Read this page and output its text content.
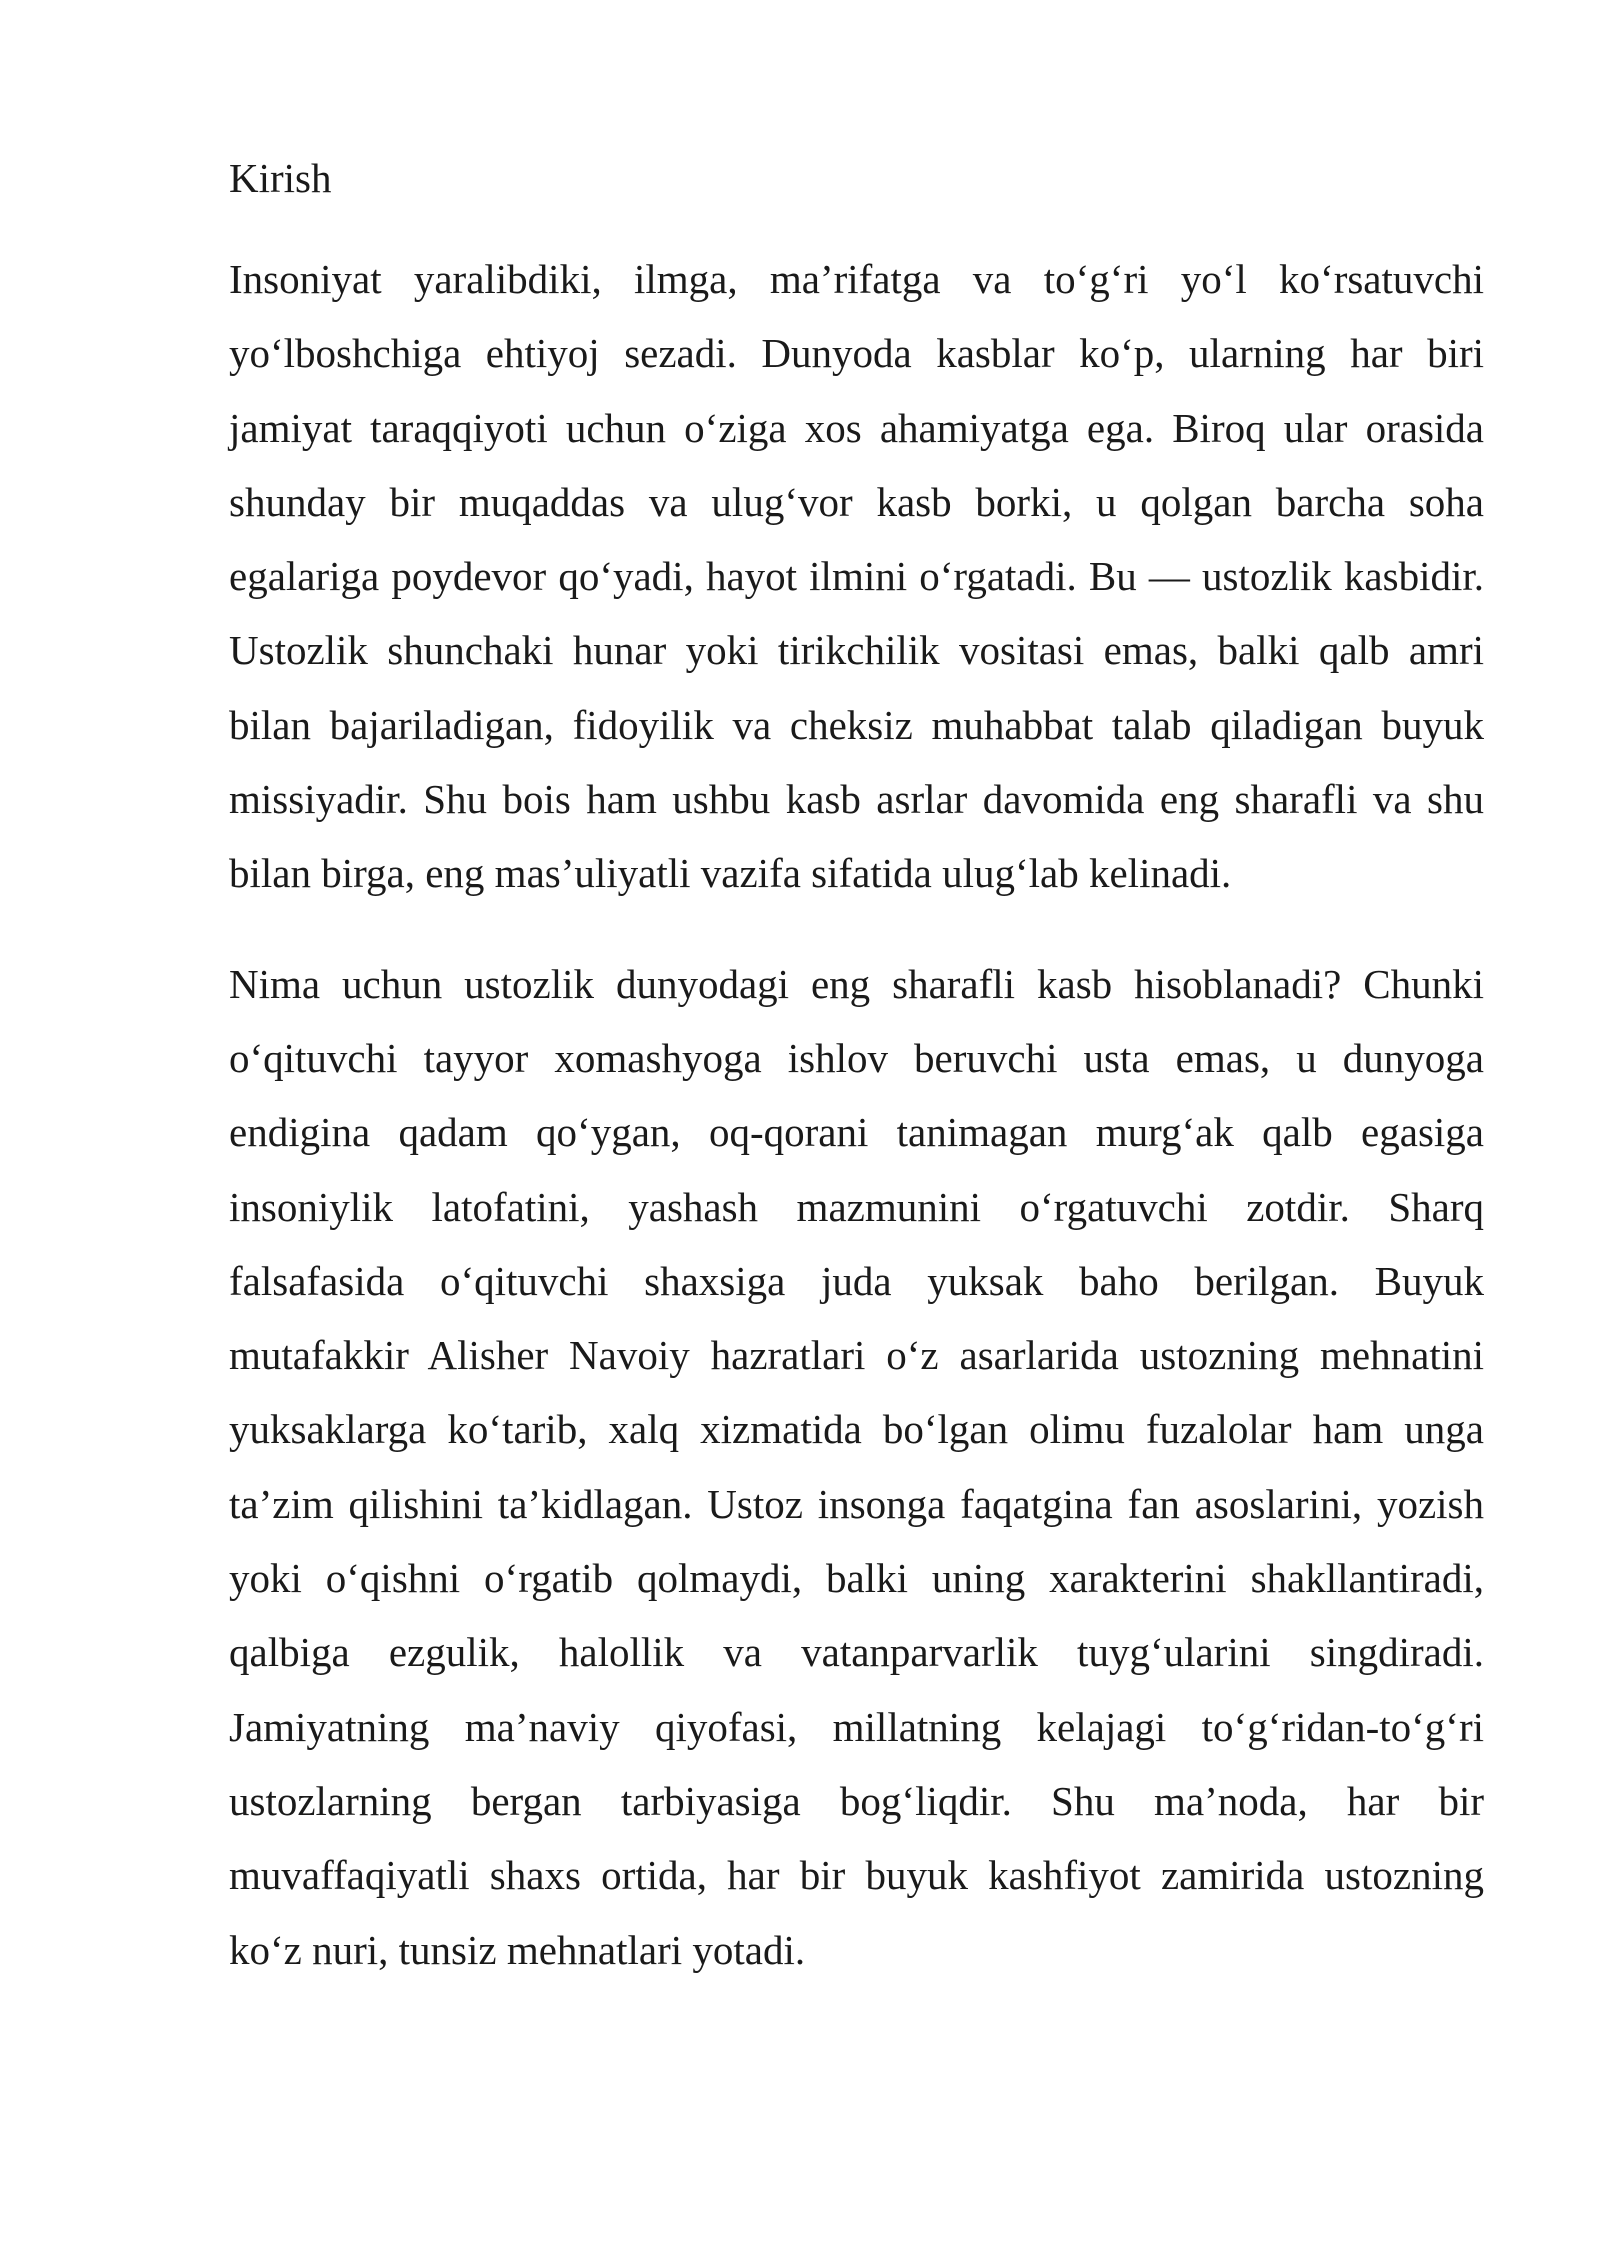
Kirish

Insoniyat yaralibdiki, ilmga, ma’rifatga va to‘g‘ri yo‘l ko‘rsatuvchi yo‘lboshchiga ehtiyoj sezadi. Dunyoda kasblar ko‘p, ularning har biri jamiyat taraqqiyoti uchun o‘ziga xos ahamiyatga ega. Biroq ular orasida shunday bir muqaddas va ulug‘vor kasb borki, u qolgan barcha soha egalariga poydevor qo‘yadi, hayot ilmini o‘rgatadi. Bu — ustozlik kasbidir. Ustozlik shunchaki hunar yoki tirikchilik vositasi emas, balki qalb amri bilan bajariladigan, fidoyilik va cheksiz muhabbat talab qiladigan buyuk missiyadir. Shu bois ham ushbu kasb asrlar davomida eng sharafli va shu bilan birga, eng mas’uliyatli vazifa sifatida ulug‘lab kelinadi.

Nima uchun ustozlik dunyodagi eng sharafli kasb hisoblanadi? Chunki o‘qituvchi tayyor xomashyoga ishlov beruvchi usta emas, u dunyoga endigina qadam qo‘ygan, oq-qorani tanimagan murg‘ak qalb egasiga insoniylik latofatini, yashash mazmunini o‘rgatuvchi zotdir. Sharq falsafasida o‘qituvchi shaxsiga juda yuksak baho berilgan. Buyuk mutafakkir Alisher Navoiy hazratlari o‘z asarlarida ustozning mehnatini yuksaklarga ko‘tarib, xalq xizmatida bo‘lgan olimu fuzalolar ham unga ta’zim qilishini ta’kidlagan. Ustoz insonga faqatgina fan asoslarini, yozish yoki o‘qishni o‘rgatib qolmaydi, balki uning xarakterini shakllantiradi, qalbiga ezgulik, halollik va vatanparvarlik tuyg‘ularini singdiradi. Jamiyatning ma’naviy qiyofasi, millatning kelajagi to‘g‘ridan-to‘g‘ri ustozlarning bergan tarbiyasiga bog‘liqdir. Shu ma’noda, har bir muvaffaqiyatli shaxs ortida, har bir buyuk kashfiyot zamirida ustozning ko‘z nuri, tunsiz mehnatlari yotadi.
